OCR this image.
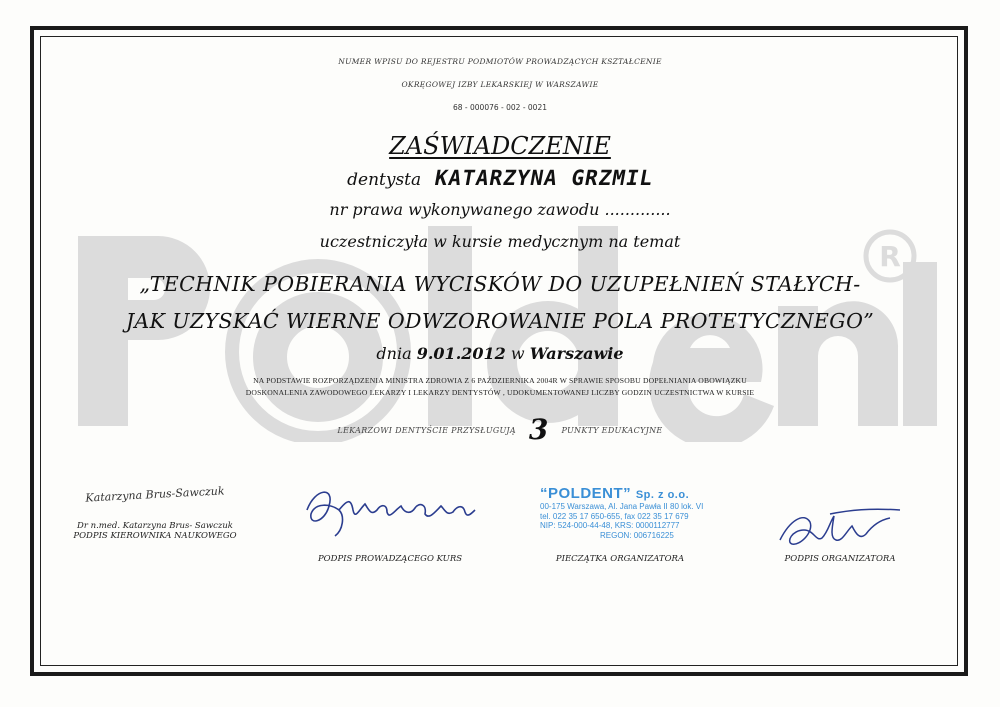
R
NUMER WPISU DO REJESTRU PODMIOTÓW PROWADZĄCYCH KSZTAŁCENIE
OKRĘGOWEJ IZBY LEKARSKIEJ W WARSZAWIE
68 - 000076 - 002 - 0021
ZAŚWIADCZENIE
dentysta KATARZYNA GRZMIL
nr prawa wykonywanego zawodu .............
uczestniczyła w kursie medycznym na temat
„TECHNIK POBIERANIA WYCISKÓW DO UZUPEŁNIEŃ STAŁYCH-
JAK UZYSKAĆ WIERNE ODWZOROWANIE POLA PROTETYCZNEGO”
dnia 9.01.2012 w Warszawie
NA PODSTAWIE ROZPORZĄDZENIA MINISTRA ZDROWIA Z 6 PAŹDZIERNIKA 2004R W SPRAWIE SPOSOBU DOPEŁNIANIA OBOWIĄZKU
DOSKONALENIA ZAWODOWEGO LEKARZY I LEKARZY DENTYSTÓW , UDOKUMENTOWANEJ LICZBY GODZIN UCZESTNICTWA W KURSIE
LEKARZOWI DENTYŚCIE PRZYSŁUGUJĄ 3 PUNKTY EDUKACYJNE
Katarzyna Brus-Sawczuk
Dr n.med. Katarzyna Brus- Sawczuk
PODPIS KIEROWNIKA NAUKOWEGO
PODPIS PROWADZĄCEGO KURS
“POLDENT” Sp. z o.o.
00-175 Warszawa, Al. Jana Pawła II 80 lok. VI
tel. 022 35 17 650-655, fax 022 35 17 679
NIP: 524-000-44-48, KRS: 0000112777
REGON: 006716225
PIECZĄTKA ORGANIZATORA	PODPIS ORGANIZATORA
